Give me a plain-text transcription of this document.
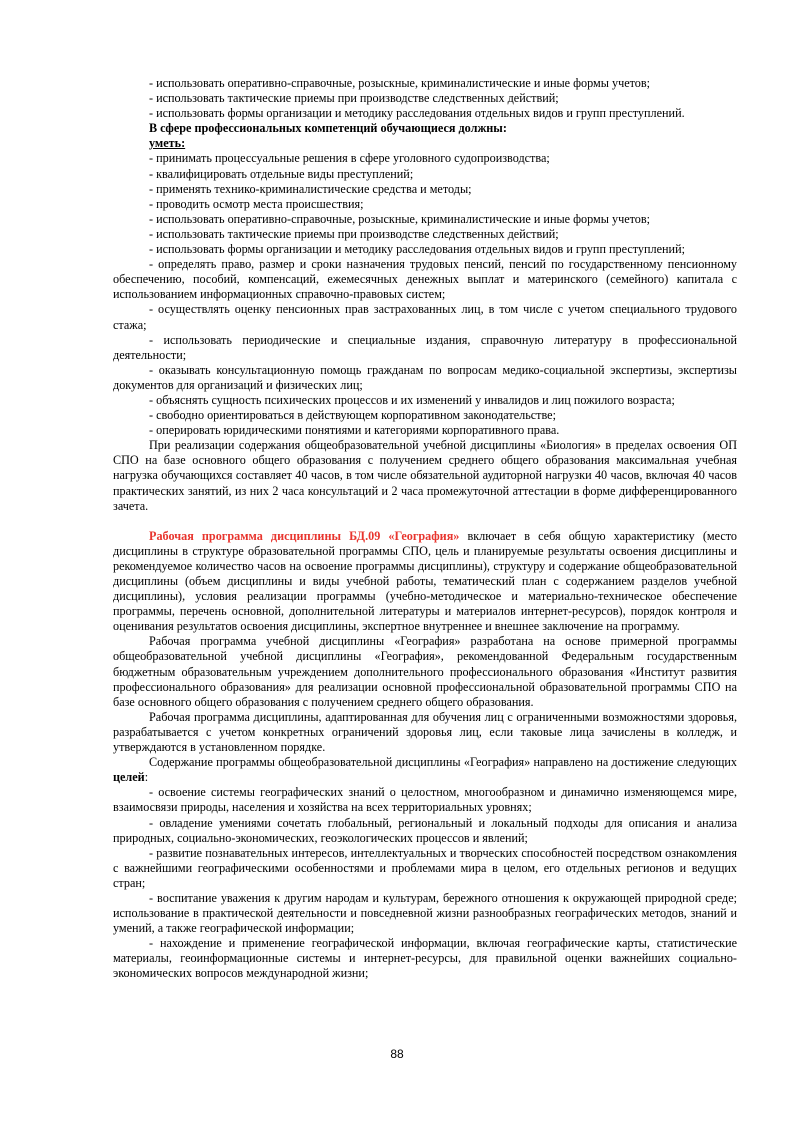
- использовать оперативно-справочные, розыскные, криминалистические и иные формы учетов;

- использовать тактические приемы при производстве следственных действий;

- использовать формы организации и методику расследования отдельных видов и групп преступлений.

В сфере профессиональных компетенций обучающиеся должны:

уметь:

- принимать процессуальные решения в сфере уголовного судопроизводства;

- квалифицировать отдельные виды преступлений;

- применять технико-криминалистические средства и методы;

- проводить осмотр места происшествия;

- использовать оперативно-справочные, розыскные, криминалистические и иные формы учетов;

- использовать тактические приемы при производстве следственных действий;

- использовать формы организации и методику расследования отдельных видов и групп преступлений;

- определять право, размер и сроки назначения трудовых пенсий, пенсий по государственному пенсионному обеспечению, пособий, компенсаций, ежемесячных денежных выплат и материнского (семейного) капитала с использованием информационных справочно-правовых систем;

- осуществлять оценку пенсионных прав застрахованных лиц, в том числе с учетом специального трудового стажа;

- использовать периодические и специальные издания, справочную литературу в профессиональной деятельности;

- оказывать консультационную помощь гражданам по вопросам медико-социальной экспертизы, экспертизы документов для организаций и физических лиц;

- объяснять сущность психических процессов и их изменений у инвалидов и лиц пожилого возраста;

- свободно ориентироваться в действующем корпоративном законодательстве;

- оперировать юридическими понятиями и категориями корпоративного права.

При реализации содержания общеобразовательной учебной дисциплины «Биология» в пределах освоения ОП СПО на базе основного общего образования с получением среднего общего образования максимальная учебная нагрузка обучающихся составляет 40 часов, в том числе обязательной аудиторной нагрузки 40 часов, включая 40 часов практических занятий, из них 2 часа консультаций и 2 часа промежуточной аттестации в форме дифференцированного зачета.

Рабочая программа дисциплины БД.09 «География» включает в себя общую характеристику (место дисциплины в структуре образовательной программы СПО, цель и планируемые результаты освоения дисциплины и рекомендуемое количество часов на освоение программы дисциплины), структуру и содержание общеобразовательной дисциплины (объем дисциплины и виды учебной работы, тематический план с содержанием разделов учебной дисциплины), условия реализации программы (учебно-методическое и материально-техническое обеспечение программы, перечень основной, дополнительной литературы и материалов интернет-ресурсов), порядок контроля и оценивания результатов освоения дисциплины, экспертное внутреннее и внешнее заключение на программу.

Рабочая программа учебной дисциплины «География» разработана на основе примерной программы общеобразовательной учебной дисциплины «География», рекомендованной Федеральным государственным бюджетным образовательным учреждением дополнительного профессионального образования «Институт развития профессионального образования» для реализации основной профессиональной образовательной программы СПО на базе основного общего образования с получением среднего общего образования.

Рабочая программа дисциплины, адаптированная для обучения лиц с ограниченными возможностями здоровья, разрабатывается с учетом конкретных ограничений здоровья лиц, если таковые лица зачислены в колледж, и утверждаются в установленном порядке.

Содержание программы общеобразовательной дисциплины «География» направлено на достижение следующих целей:

- освоение системы географических знаний о целостном, многообразном и динамично изменяющемся мире, взаимосвязи природы, населения и хозяйства на всех территориальных уровнях;

- овладение умениями сочетать глобальный, региональный и локальный подходы для описания и анализа природных, социально-экономических, геоэкологических процессов и явлений;

- развитие познавательных интересов, интеллектуальных и творческих способностей посредством ознакомления с важнейшими географическими особенностями и проблемами мира в целом, его отдельных регионов и ведущих стран;

- воспитание уважения к другим народам и культурам, бережного отношения к окружающей природной среде; использование в практической деятельности и повседневной жизни разнообразных географических методов, знаний и умений, а также географической информации;

- нахождение и применение географической информации, включая географические карты, статистические материалы, геоинформационные системы и интернет-ресурсы, для правильной оценки важнейших социально-экономических вопросов международной жизни;

88
